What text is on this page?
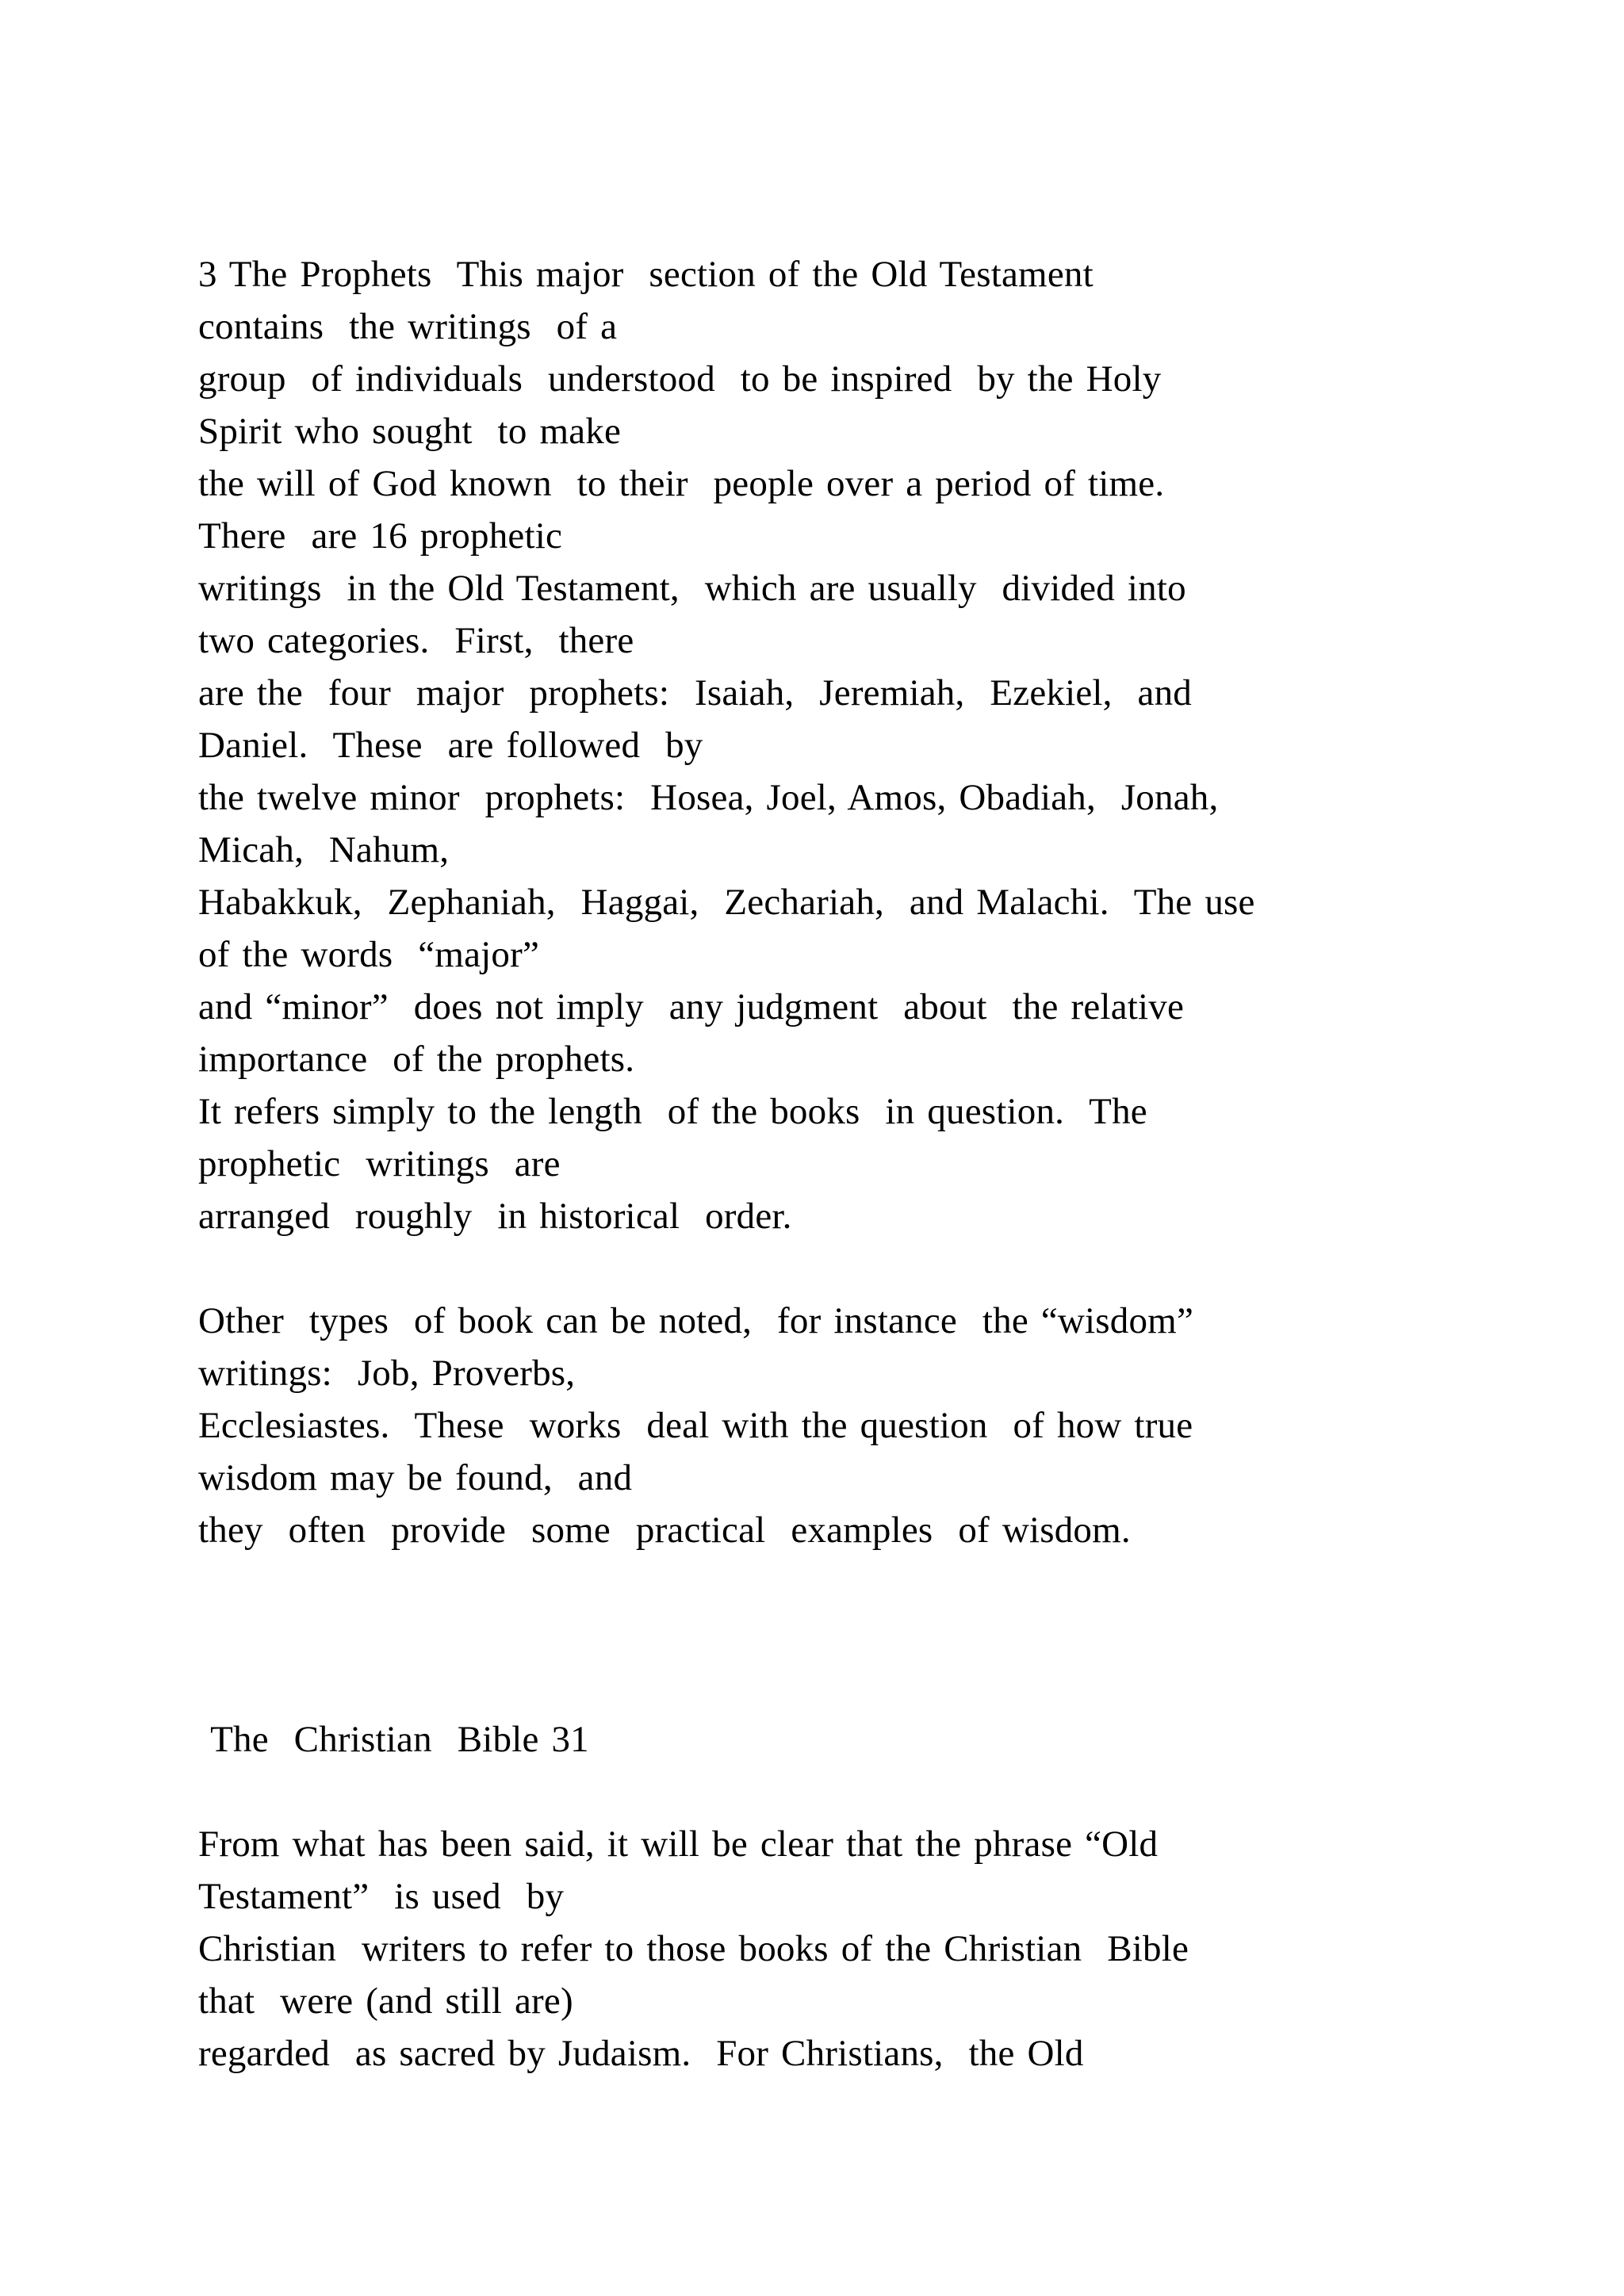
3 The Prophets  This major  section of the Old Testament
contains  the writings  of a
group  of individuals  understood  to be inspired  by the Holy
Spirit who sought  to make
the will of God known  to their  people over a period of time.
There  are 16 prophetic
writings  in the Old Testament,  which are usually  divided into
two categories.  First,  there
are the  four  major  prophets:  Isaiah,  Jeremiah,  Ezekiel,  and
Daniel.  These  are followed  by
the twelve minor  prophets:  Hosea, Joel, Amos, Obadiah,  Jonah,
Micah,  Nahum,
Habakkuk,  Zephaniah,  Haggai,  Zechariah,  and Malachi.  The use
of the words  “major”
and “minor”  does not imply  any judgment  about  the relative
importance  of the prophets.
It refers simply to the length  of the books  in question.  The
prophetic  writings  are
arranged  roughly  in historical  order.
Other  types  of book can be noted,  for instance  the “wisdom”
writings:  Job, Proverbs,
Ecclesiastes.  These  works  deal with the question  of how true
wisdom may be found,  and
they  often  provide  some  practical  examples  of wisdom.
The  Christian  Bible 31
From what has been said, it will be clear that the phrase “Old
Testament”  is used  by
Christian  writers to refer to those books of the Christian  Bible
that  were (and still are)
regarded  as sacred by Judaism.  For Christians,  the Old
